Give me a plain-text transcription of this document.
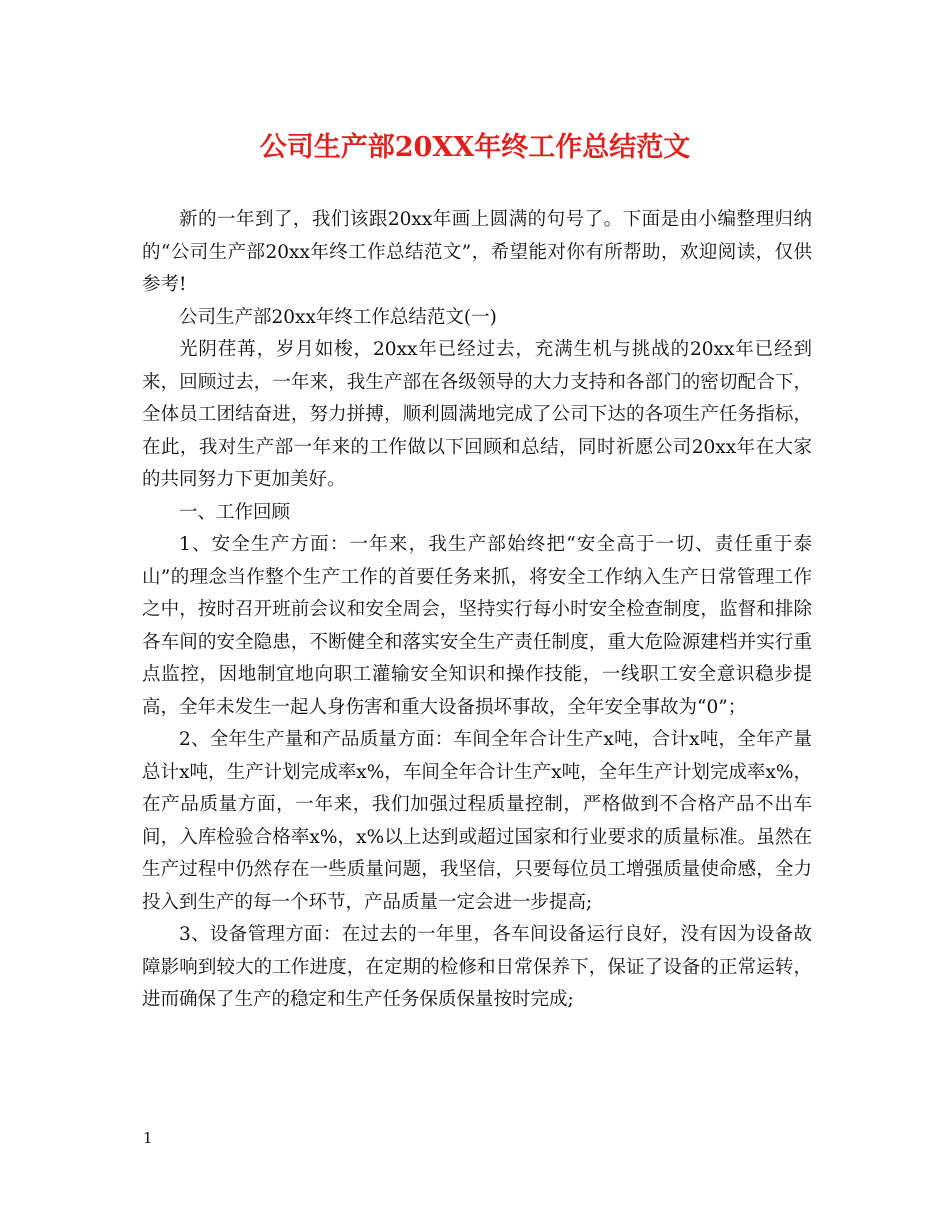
公司生产部20XX年终工作总结范文

新的一年到了，我们该跟20xx年画上圆满的句号了。下面是由小编整理归纳的“公司生产部20xx年终工作总结范文”，希望能对你有所帮助，欢迎阅读，仅供参考!

公司生产部20xx年终工作总结范文(一)

光阴荏苒，岁月如梭，20xx年已经过去，充满生机与挑战的20xx年已经到来，回顾过去，一年来，我生产部在各级领导的大力支持和各部门的密切配合下，全体员工团结奋进，努力拼搏，顺利圆满地完成了公司下达的各项生产任务指标，在此，我对生产部一年来的工作做以下回顾和总结，同时祈愿公司20xx年在大家的共同努力下更加美好。

一、工作回顾

1、安全生产方面：一年来，我生产部始终把“安全高于一切、责任重于泰山”的理念当作整个生产工作的首要任务来抓，将安全工作纳入生产日常管理工作之中，按时召开班前会议和安全周会，坚持实行每小时安全检查制度，监督和排除各车间的安全隐患，不断健全和落实安全生产责任制度，重大危险源建档并实行重点监控，因地制宜地向职工灌输安全知识和操作技能，一线职工安全意识稳步提高，全年未发生一起人身伤害和重大设备损坏事故，全年安全事故为“0”；

2、全年生产量和产品质量方面：车间全年合计生产x吨，合计x吨，全年产量总计x吨，生产计划完成率x%，车间全年合计生产x吨，全年生产计划完成率x%，在产品质量方面，一年来，我们加强过程质量控制，严格做到不合格产品不出车间，入库检验合格率x%，x%以上达到或超过国家和行业要求的质量标准。虽然在生产过程中仍然存在一些质量问题，我坚信，只要每位员工增强质量使命感，全力投入到生产的每一个环节，产品质量一定会进一步提高;

3、设备管理方面：在过去的一年里，各车间设备运行良好，没有因为设备故障影响到较大的工作进度，在定期的检修和日常保养下，保证了设备的正常运转，进而确保了生产的稳定和生产任务保质保量按时完成;

1
